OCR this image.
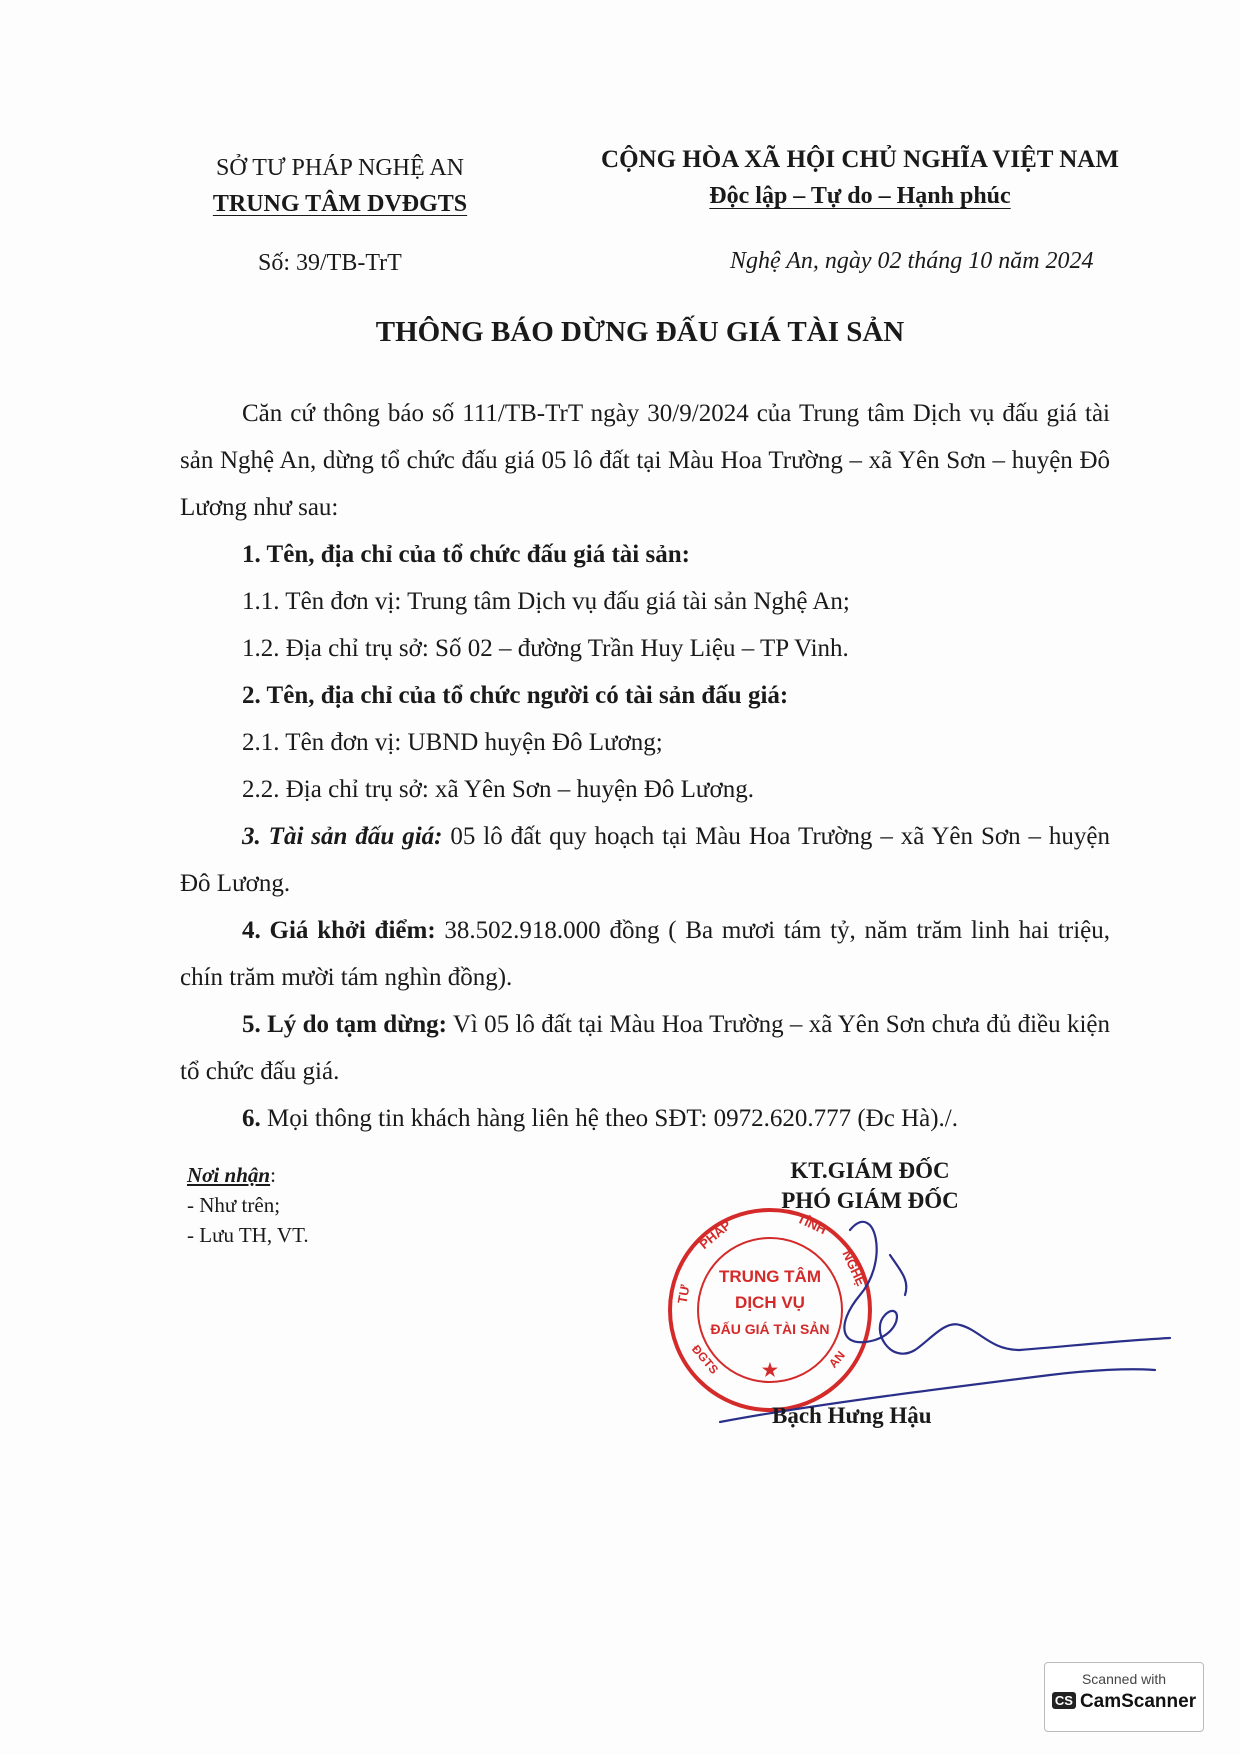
SỞ TƯ PHÁP NGHỆ AN
TRUNG TÂM DVĐGTS
CỘNG HÒA XÃ HỘI CHỦ NGHĨA VIỆT NAM
Độc lập – Tự do – Hạnh phúc
Số: 39/TB-TrT	Nghệ An, ngày 02 tháng 10 năm 2024
THÔNG BÁO DỪNG ĐẤU GIÁ TÀI SẢN

Căn cứ thông báo số 111/TB-TrT ngày 30/9/2024 của Trung tâm Dịch vụ đấu giá tài sản Nghệ An, dừng tổ chức đấu giá 05 lô đất tại Màu Hoa Trường – xã Yên Sơn – huyện Đô Lương như sau:

1. Tên, địa chỉ của tổ chức đấu giá tài sản:

1.1. Tên đơn vị: Trung tâm Dịch vụ đấu giá tài sản Nghệ An;

1.2. Địa chỉ trụ sở: Số 02 – đường Trần Huy Liệu – TP Vinh.

2. Tên, địa chỉ của tổ chức người có tài sản đấu giá:

2.1. Tên đơn vị: UBND huyện Đô Lương;

2.2. Địa chỉ trụ sở: xã Yên Sơn – huyện Đô Lương.

3. Tài sản đấu giá: 05 lô đất quy hoạch tại Màu Hoa Trường – xã Yên Sơn – huyện Đô Lương.

4. Giá khởi điểm: 38.502.918.000 đồng ( Ba mươi tám tỷ, năm trăm linh hai triệu, chín trăm mười tám nghìn đồng).

5. Lý do tạm dừng: Vì 05 lô đất tại Màu Hoa Trường – xã Yên Sơn chưa đủ điều kiện tổ chức đấu giá.

6. Mọi thông tin khách hàng liên hệ theo SĐT: 0972.620.777 (Đc Hà)./.

Nơi nhận:
- Như trên;
- Lưu TH, VT.
KT.GIÁM ĐỐC
PHÓ GIÁM ĐỐC
TRUNG TÂM
DỊCH VỤ
ĐẤU GIÁ TÀI SẢN
TƯ
PHÁP	TỈNH
NGHỆ
ĐGTS	AN
★
Bạch Hưng Hậu
Scanned with
CS CamScanner
